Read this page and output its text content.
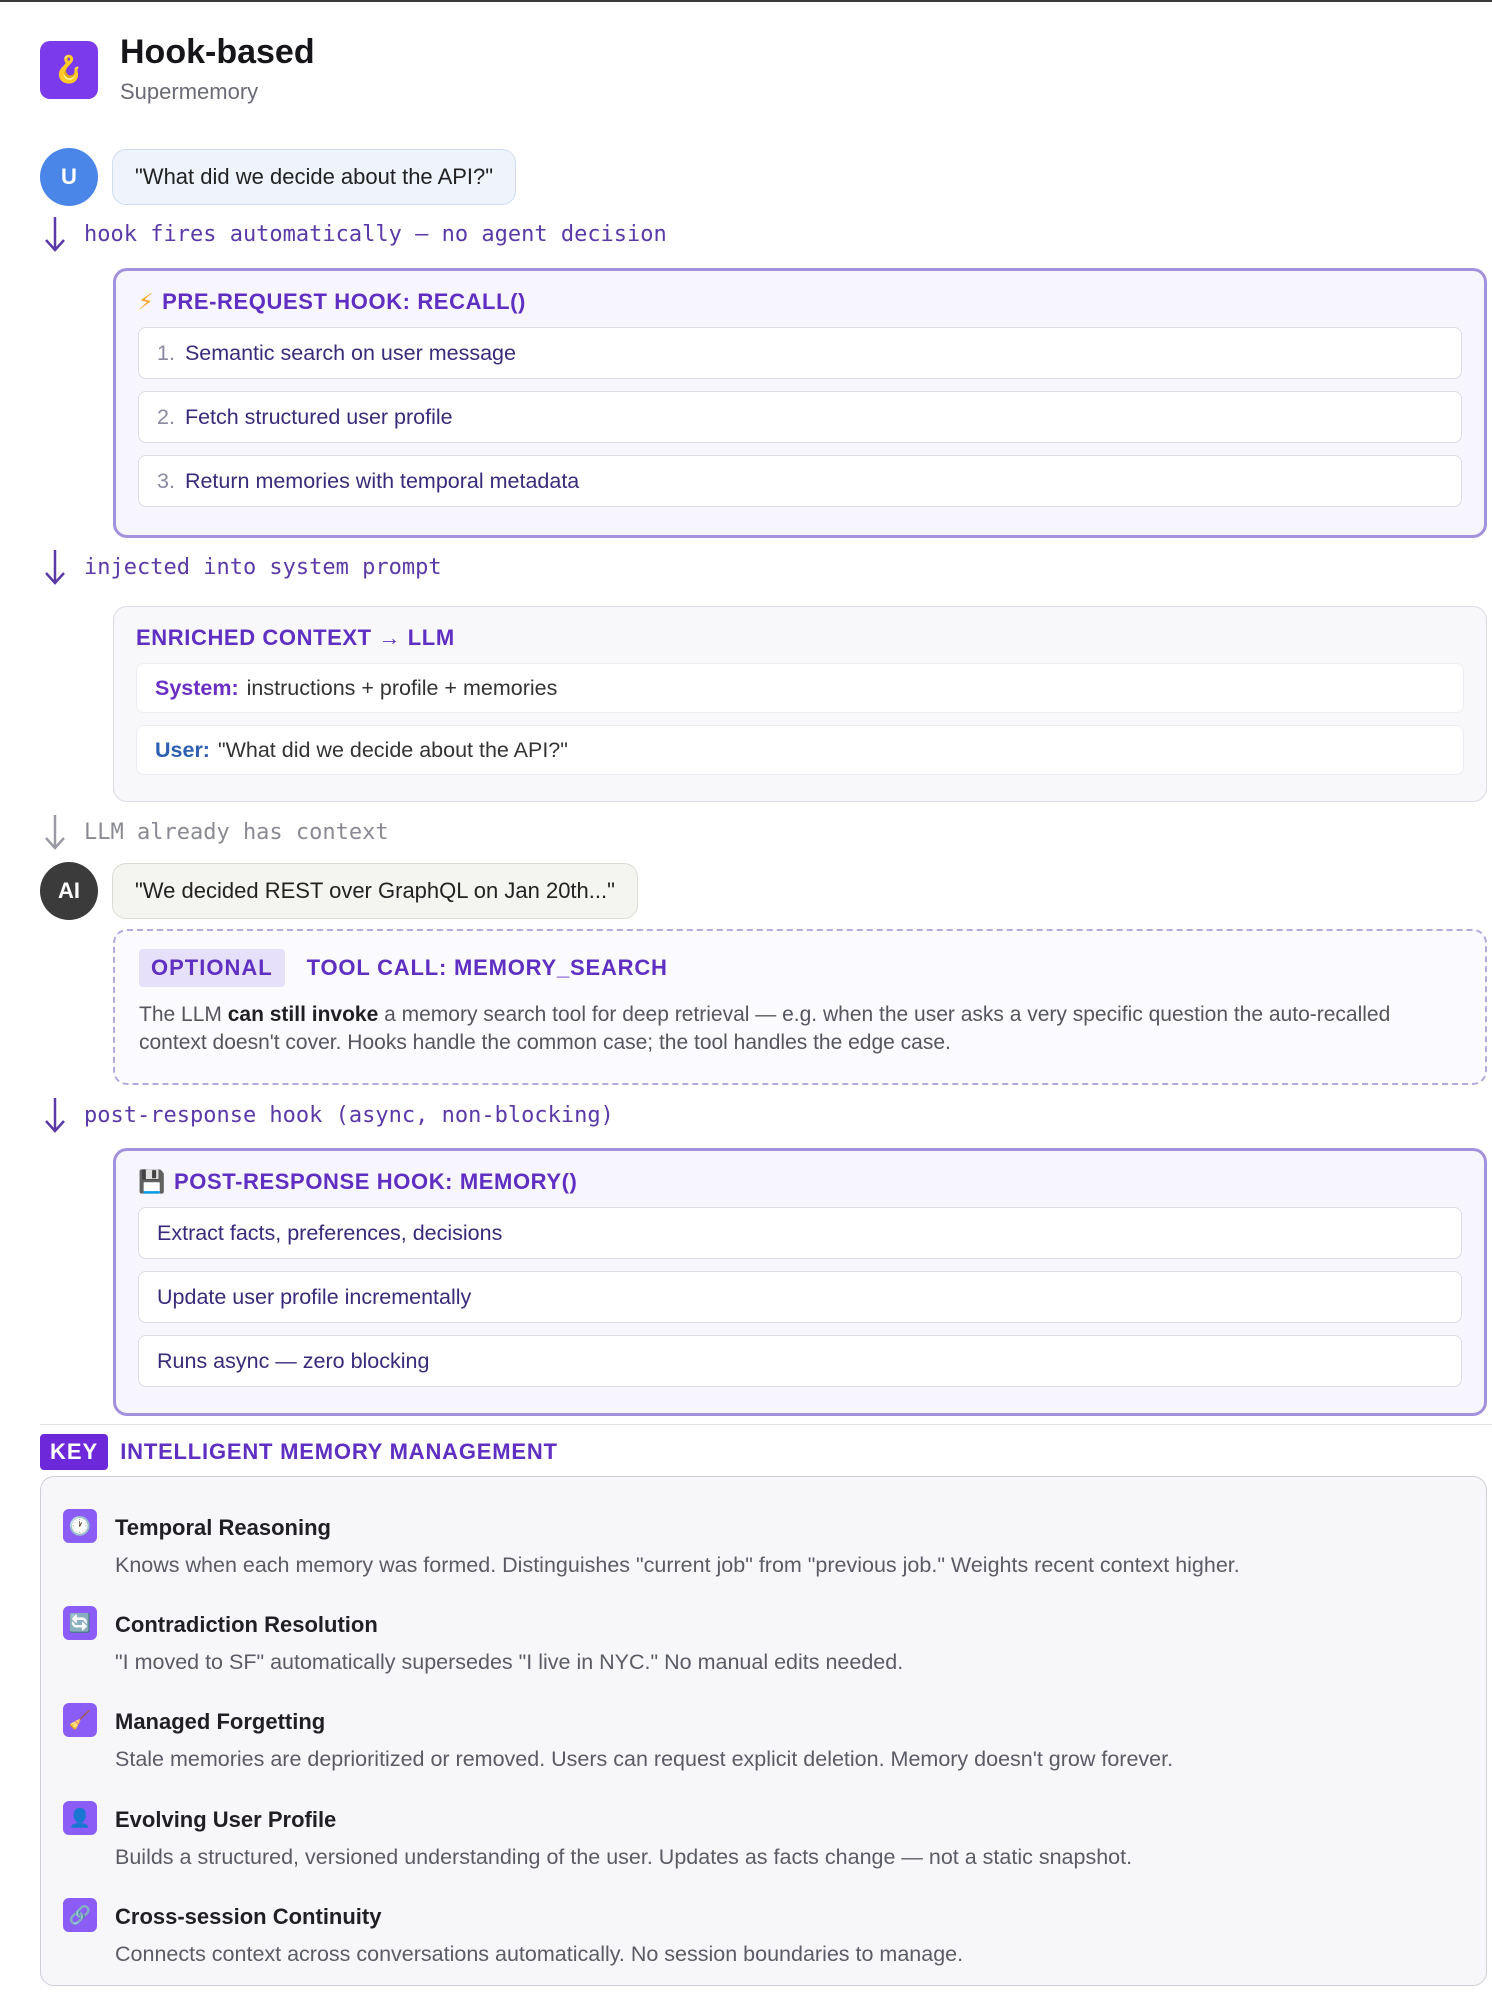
🪝	Hook-based
Supermemory
U	"What did we decide about the API?"
hook fires automatically — no agent decision
⚡ PRE-REQUEST HOOK: RECALL()
1. Semantic search on user message
2. Fetch structured user profile
3. Return memories with temporal metadata
injected into system prompt
ENRICHED CONTEXT → LLM
System: instructions + profile + memories
User: "What did we decide about the API?"
LLM already has context
AI	"We decided REST over GraphQL on Jan 20th..."
OPTIONAL	TOOL CALL: MEMORY_SEARCH
The LLM can still invoke a memory search tool for deep retrieval — e.g. when the user asks a very specific question the auto-recalled context doesn't cover. Hooks handle the common case; the tool handles the edge case.
post-response hook (async, non-blocking)
💾 POST-RESPONSE HOOK: MEMORY()
Extract facts, preferences, decisions
Update user profile incrementally
Runs async — zero blocking
KEY	INTELLIGENT MEMORY MANAGEMENT
🕐 Temporal Reasoning
Knows when each memory was formed. Distinguishes "current job" from "previous job." Weights recent context higher.
🔄 Contradiction Resolution
"I moved to SF" automatically supersedes "I live in NYC." No manual edits needed.
🧹 Managed Forgetting
Stale memories are deprioritized or removed. Users can request explicit deletion. Memory doesn't grow forever.
👤 Evolving User Profile
Builds a structured, versioned understanding of the user. Updates as facts change — not a static snapshot.
🔗 Cross-session Continuity
Connects context across conversations automatically. No session boundaries to manage.
